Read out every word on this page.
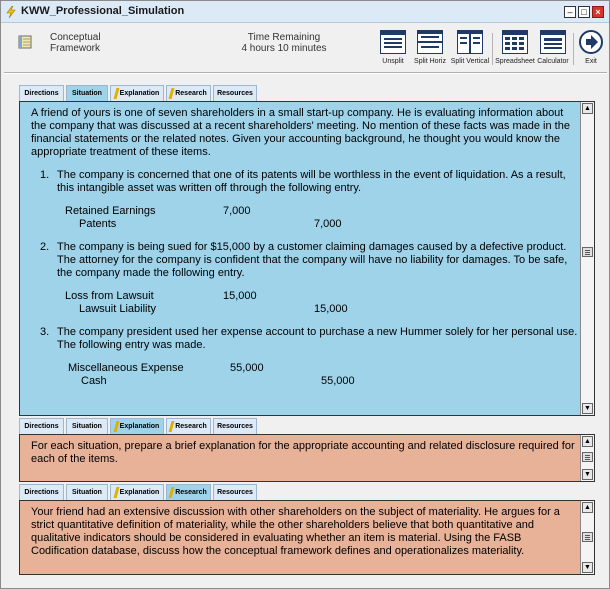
KWW_Professional_Simulation	– □ ×
Conceptual
Framework
Time Remaining
4 hours 10 minutes
Unsplit	Split Horiz Split Vertical Spreadsheet Calculator	Exit
Directions	Situation	Explanation	Research	Resources
A friend of yours is one of seven shareholders in a small start-up company. He is evaluating information about the company that was discussed at a recent shareholders' meeting. No mention of these facts was made in the financial statements or the related notes. Given your accounting background, he thought you would know the appropriate treatment of these items.
1. The company is concerned that one of its patents will be worthless in the event of liquidation. As a result, this intangible asset was written off through the following entry.
Retained Earnings	7,000
Patents	7,000
2. The company is being sued for $15,000 by a customer claiming damages caused by a defective product. The attorney for the company is confident that the company will have no liability for damages. To be safe, the company made the following entry.
Loss from Lawsuit	15,000
Lawsuit Liability	15,000
3. The company president used her expense account to purchase a new Hummer solely for her personal use. The following entry was made.
Miscellaneous Expense	55,000
Cash	55,000
▲
▼
Directions	Situation	Explanation	Research	Resources
For each situation, prepare a brief explanation for the appropriate accounting and related disclosure required for each of the items.
▲
▼
Directions	Situation	Explanation	Research	Resources
Your friend had an extensive discussion with other shareholders on the subject of materiality. He argues for a strict quantitative definition of materiality, while the other shareholders believe that both quantitative and qualitative indicators should be considered in evaluating whether an item is material. Using the FASB Codification database, discuss how the conceptual framework defines and operationalizes materiality.
▲
▼
